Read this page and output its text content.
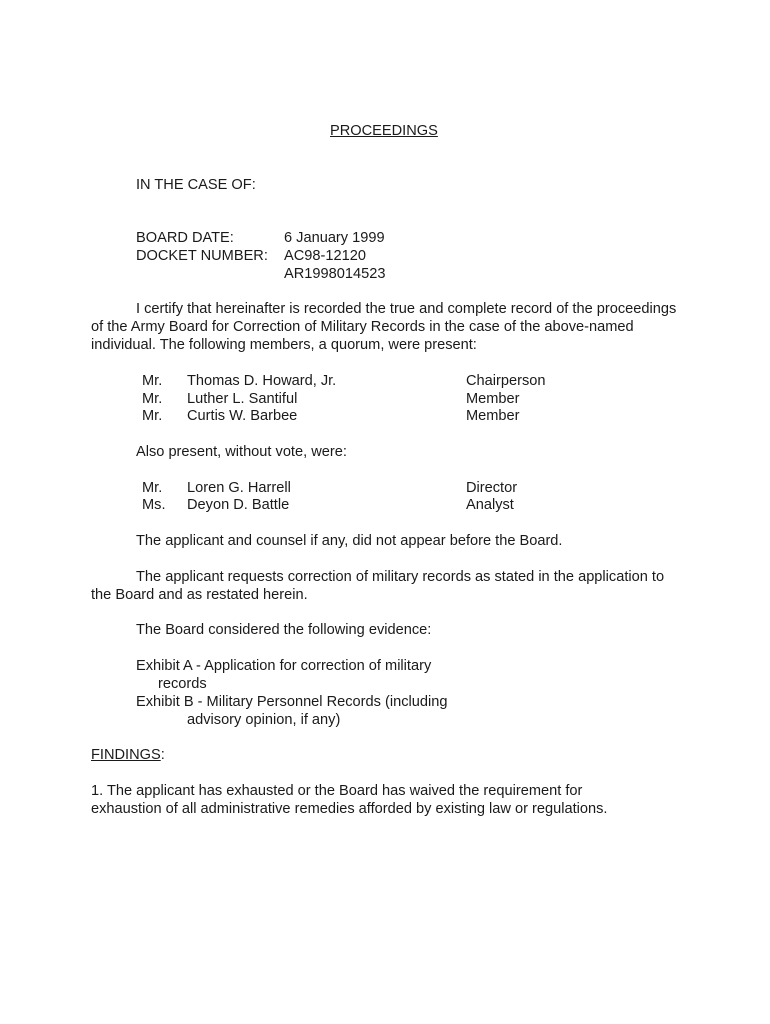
PROCEEDINGS
IN THE CASE OF:
BOARD DATE:	6 January 1999
DOCKET NUMBER: AC98-12120
AR1998014523
I certify that hereinafter is recorded the true and complete record of the proceedings of the Army Board for Correction of Military Records in the case of the above-named individual. The following members, a quorum, were present:
Mr. Thomas D. Howard, Jr.	Chairperson
Mr. Luther L. Santiful	Member
Mr. Curtis W. Barbee	Member
Also present, without vote, were:
Mr. Loren G. Harrell	Director
Ms. Deyon D. Battle	Analyst
The applicant and counsel if any, did not appear before the Board.
The applicant requests correction of military records as stated in the application to the Board and as restated herein.
The Board considered the following evidence:
Exhibit A - Application for correction of military
records
Exhibit B - Military Personnel Records (including
advisory opinion, if any)
FINDINGS:
1. The applicant has exhausted or the Board has waived the requirement for exhaustion of all administrative remedies afforded by existing law or regulations.
